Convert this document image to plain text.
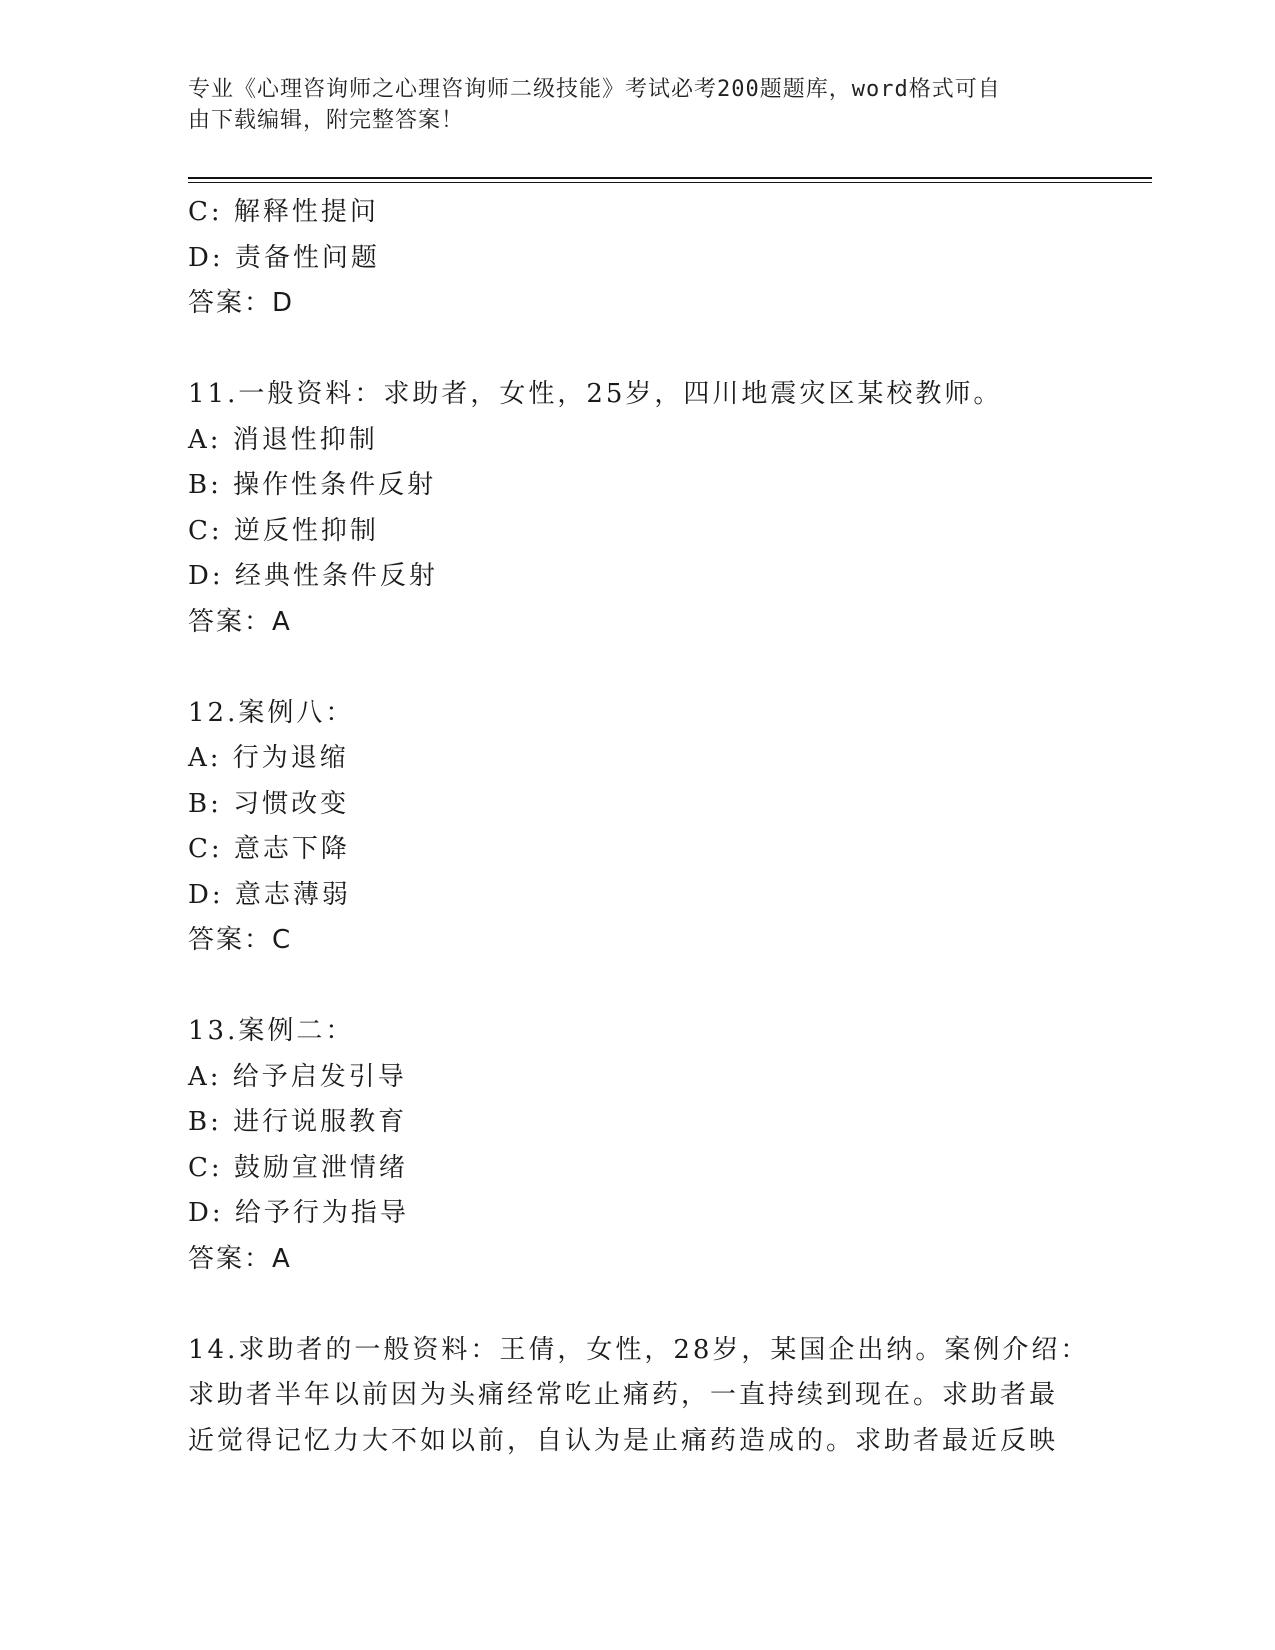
专业《心理咨询师之心理咨询师二级技能》考试必考200题题库，word格式可自
由下载编辑，附完整答案！
C: 解释性提问
D: 责备性问题
答案：D
11.一般资料：求助者，女性，25岁，四川地震灾区某校教师。
A: 消退性抑制
B: 操作性条件反射
C: 逆反性抑制
D: 经典性条件反射
答案：A
12.案例八：
A: 行为退缩
B: 习惯改变
C: 意志下降
D: 意志薄弱
答案：C
13.案例二：
A: 给予启发引导
B: 进行说服教育
C: 鼓励宣泄情绪
D: 给予行为指导
答案：A
14.求助者的一般资料：王倩，女性，28岁，某国企出纳。案例介绍：
求助者半年以前因为头痛经常吃止痛药，一直持续到现在。求助者最
近觉得记忆力大不如以前，自认为是止痛药造成的。求助者最近反映
